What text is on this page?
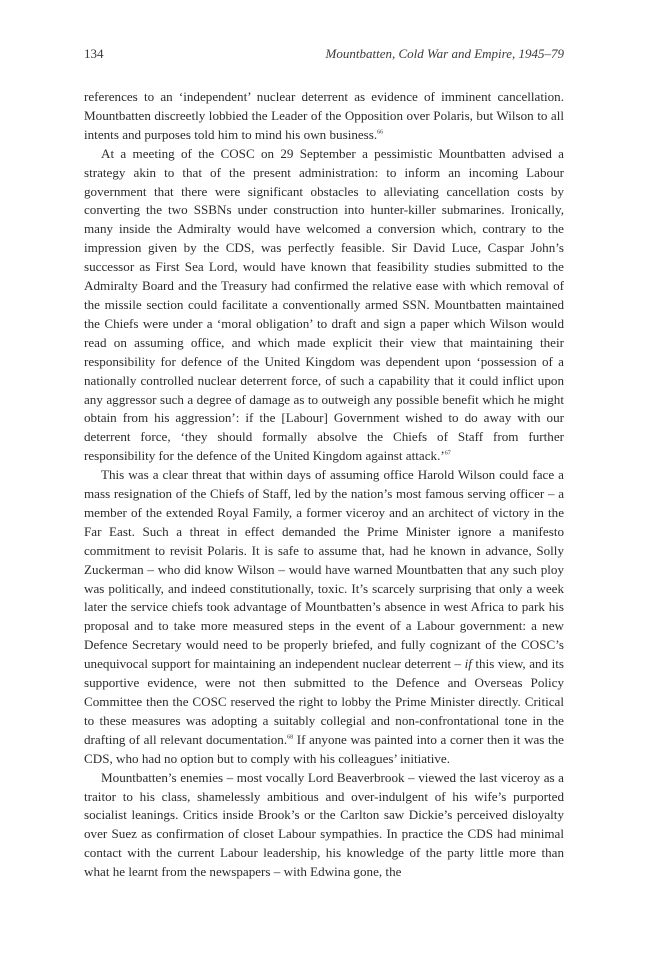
134	Mountbatten, Cold War and Empire, 1945–79

references to an ‘independent’ nuclear deterrent as evidence of imminent cancellation. Mountbatten discreetly lobbied the Leader of the Opposition over Polaris, but Wilson to all intents and purposes told him to mind his own business.$^{66}$

At a meeting of the COSC on 29 September a pessimistic Mountbatten advised a strategy akin to that of the present administration: to inform an incoming Labour government that there were significant obstacles to alleviating cancellation costs by converting the two SSBNs under construction into hunter-killer submarines. Ironically, many inside the Admiralty would have welcomed a conversion which, contrary to the impression given by the CDS, was perfectly feasible. Sir David Luce, Caspar John’s successor as First Sea Lord, would have known that feasibility studies submitted to the Admiralty Board and the Treasury had confirmed the relative ease with which removal of the missile section could facilitate a conventionally armed SSN. Mountbatten maintained the Chiefs were under a ‘moral obligation’ to draft and sign a paper which Wilson would read on assuming office, and which made explicit their view that maintaining their responsibility for defence of the United Kingdom was dependent upon ‘possession of a nationally controlled nuclear deterrent force, of such a capability that it could inflict upon any aggressor such a degree of damage as to outweigh any possible benefit which he might obtain from his aggression’: if the [Labour] Government wished to do away with our deterrent force, ‘they should formally absolve the Chiefs of Staff from further responsibility for the defence of the United Kingdom against attack.’$^{67}$

This was a clear threat that within days of assuming office Harold Wilson could face a mass resignation of the Chiefs of Staff, led by the nation’s most famous serving officer – a member of the extended Royal Family, a former viceroy and an architect of victory in the Far East. Such a threat in effect demanded the Prime Minister ignore a manifesto commitment to revisit Polaris. It is safe to assume that, had he known in advance, Solly Zuckerman – who did know Wilson – would have warned Mountbatten that any such ploy was politically, and indeed constitutionally, toxic. It’s scarcely surprising that only a week later the service chiefs took advantage of Mountbatten’s absence in west Africa to park his proposal and to take more measured steps in the event of a Labour government: a new Defence Secretary would need to be properly briefed, and fully cognizant of the COSC’s unequivocal support for maintaining an independent nuclear deterrent – if this view, and its supportive evidence, were not then submitted to the Defence and Overseas Policy Committee then the COSC reserved the right to lobby the Prime Minister directly. Critical to these measures was adopting a suitably collegial and non-confrontational tone in the drafting of all relevant documentation.$^{68}$ If anyone was painted into a corner then it was the CDS, who had no option but to comply with his colleagues’ initiative.

Mountbatten’s enemies – most vocally Lord Beaverbrook – viewed the last viceroy as a traitor to his class, shamelessly ambitious and over-indulgent of his wife’s purported socialist leanings. Critics inside Brook’s or the Carlton saw Dickie’s perceived disloyalty over Suez as confirmation of closet Labour sympathies. In practice the CDS had minimal contact with the current Labour leadership, his knowledge of the party little more than what he learnt from the newspapers – with Edwina gone, the
